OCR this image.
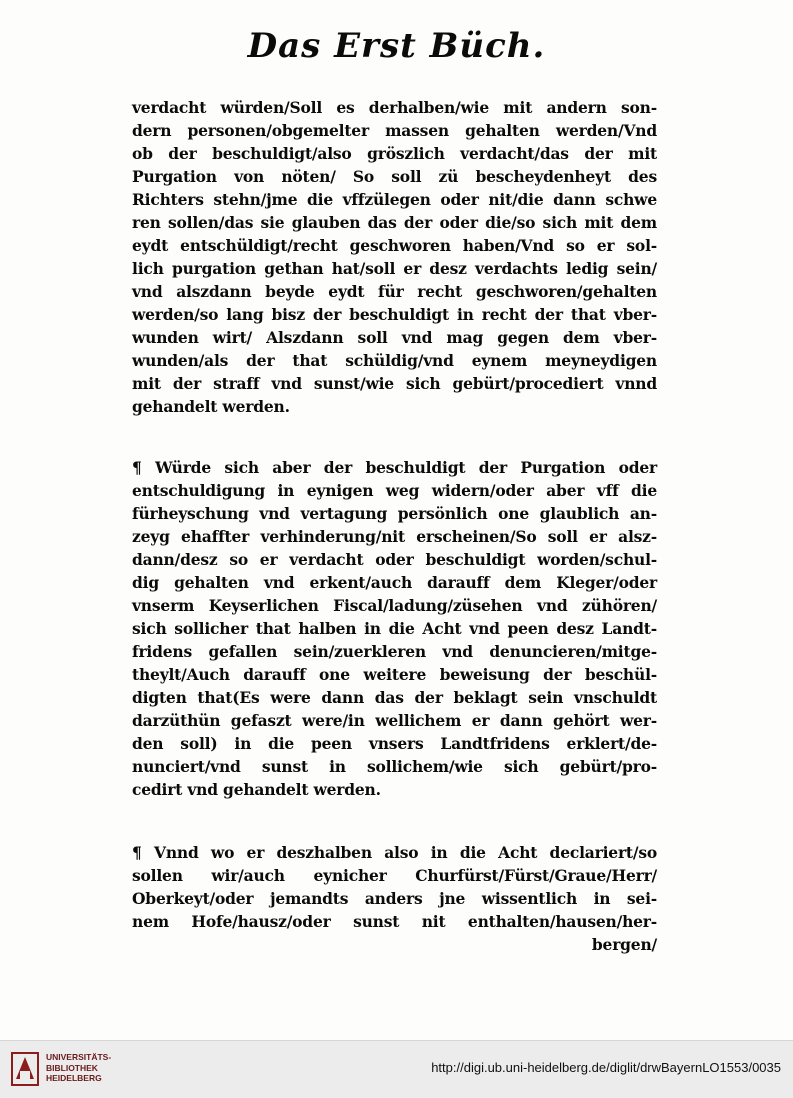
Das Erst Büch.
verdacht würden/Soll es derhalben/wie mit andern son-
dern personen/obgemelter massen gehalten werden/Vnd
ob der beschuldigt/also gröszlich verdacht/das der mit
Purgation von nöten/ So soll zü bescheydenheyt des
Richters stehn/jme die vffzülegen oder nit/die dann schwe
ren sollen/das sie glauben das der oder die/so sich mit dem
eydt entschüldigt/recht geschworen haben/Vnd so er sol-
lich purgation gethan hat/soll er desz verdachts ledig sein/
vnd alszdann beyde eydt für recht geschworen/gehalten
werden/so lang bisz der beschuldigt in recht der that vber-
wunden wirt/ Alszdann soll vnd mag gegen dem vber-
wunden/als der that schüldig/vnd eynem meyneydigen
mit der straff vnd sunst/wie sich gebürt/procediert vnnd
gehandelt werden.
¶ Würde sich aber der beschuldigt der Purgation oder
entschuldigung in eynigen weg widern/oder aber vff die
fürheyschung vnd vertagung persönlich one glaublich an-
zeyg ehaffter verhinderung/nit erscheinen/So soll er alsz-
dann/desz so er verdacht oder beschuldigt worden/schul-
dig gehalten vnd erkent/auch darauff dem Kleger/oder
vnserm Keyserlichen Fiscal/ladung/züsehen vnd zühören/
sich sollicher that halben in die Acht vnd peen desz Landt-
fridens gefallen sein/zuerkleren vnd denuncieren/mitge-
theylt/Auch darauff one weitere beweisung der beschül-
digten that(Es were dann das der beklagt sein vnschuldt
darzüthün gefaszt were/in wellichem er dann gehört wer-
den soll) in die peen vnsers Landtfridens erklert/de-
nunciert/vnd sunst in sollichem/wie sich gebürt/pro-
cedirt vnd gehandelt werden.
¶ Vnnd wo er deszhalben also in die Acht declariert/so
sollen wir/auch eynicher Churfürst/Fürst/Graue/Herr/
Oberkeyt/oder jemandts anders jne wissentlich in sei-
nem Hofe/hausz/oder sunst nit enthalten/hausen/her-
bergen/
UNIVERSITÄTS-
BIBLIOTHEK
HEIDELBERG
http://digi.ub.uni-heidelberg.de/diglit/drwBayernLO1553/0035
